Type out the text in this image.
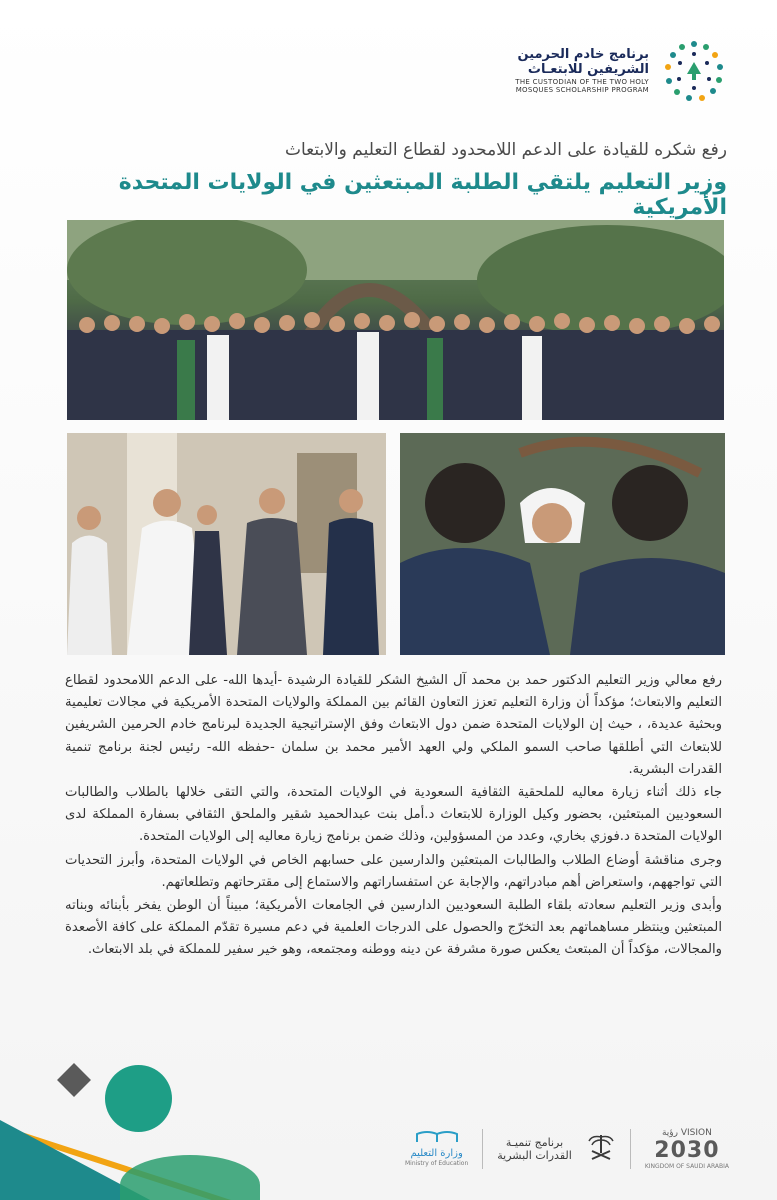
برنامج خادم الحرمين
الشريفين للابتعـاث
THE CUSTODIAN OF THE TWO HOLY
MOSQUES SCHOLARSHIP PROGRAM
رفع شكره للقيادة على الدعم اللامحدود لقطاع التعليم والابتعاث
وزير التعليم يلتقي الطلبة المبتعثين في الولايات المتحدة الأمريكية

رفع معالي وزير التعليم الدكتور حمد بن محمد آل الشيخ الشكر للقيادة الرشيدة -أيدها الله- على الدعم اللامحدود لقطاع التعليم والابتعاث؛ مؤكداً أن وزارة التعليم تعزز التعاون القائم بين المملكة والولايات المتحدة الأمريكية في مجالات تعليمية وبحثية عديدة، ، حيث إن الولايات المتحدة ضمن دول الابتعاث وفق الإستراتيجية الجديدة لبرنامج خادم الحرمين الشريفين للابتعاث التي أطلقها صاحب السمو الملكي ولي العهد الأمير محمد بن سلمان -حفظه الله- رئيس لجنة برنامج تنمية القدرات البشرية.

جاء ذلك أثناء زيارة معاليه للملحقية الثقافية السعودية في الولايات المتحدة، والتي التقى خلالها بالطلاب والطالبات السعوديين المبتعثين، بحضور وكيل الوزارة للابتعاث د.أمل بنت عبدالحميد شقير والملحق الثقافي بسفارة المملكة لدى الولايات المتحدة د.فوزي بخاري، وعدد من المسؤولين، وذلك ضمن برنامج زيارة معاليه إلى الولايات المتحدة.

وجرى مناقشة أوضاع الطلاب والطالبات المبتعثين والدارسين على حسابهم الخاص في الولايات المتحدة، وأبرز التحديات التي تواجههم، واستعراض أهم مبادراتهم، والإجابة عن استفساراتهم والاستماع إلى مقترحاتهم وتطلعاتهم.

وأبدى وزير التعليم سعادته بلقاء الطلبة السعوديين الدارسين في الجامعات الأمريكية؛ مبيناً أن الوطن يفخر بأبنائه وبناته المبتعثين وينتظر مساهماتهم بعد التخرّج والحصول على الدرجات العلمية في دعم مسيرة تقدّم المملكة على كافة الأصعدة والمجالات، مؤكداً أن المبتعث يعكس صورة مشرفة عن دينه ووطنه ومجتمعه، وهو خير سفير للمملكة في بلد الابتعاث.

VISION رؤية
2030
KINGDOM OF SAUDI ARABIA
برنامج تنميـة
القدرات البشرية
وزارة التعليم
Ministry of Education
